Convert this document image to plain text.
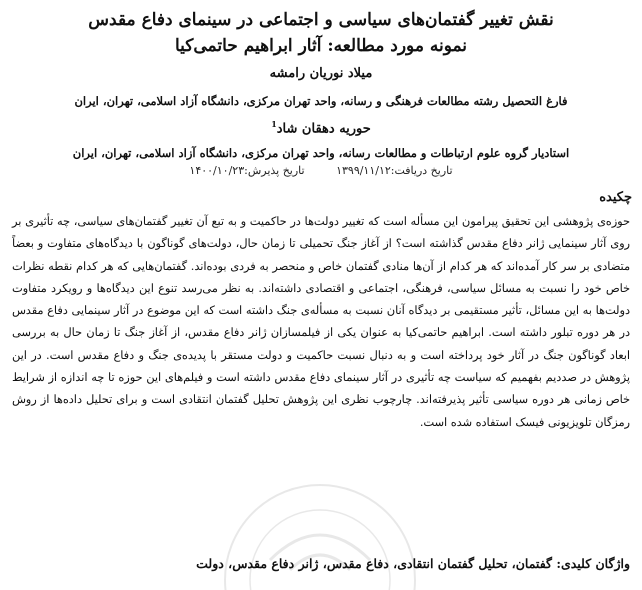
نقش تغییر گفتمان‌های سیاسی و اجتماعی در سینمای دفاع مقدس
نمونه مورد مطالعه: آثار ابراهیم حاتمی‌کیا
میلاد نوریان رامشه
فارغ التحصیل رشته مطالعات فرهنگی و رسانه، واحد تهران مرکزی، دانشگاه آزاد اسلامی، تهران، ایران
حوریه دهقان شاد$^1$
استادیار گروه علوم ارتباطات و مطالعات رسانه، واحد تهران مرکزی، دانشگاه آزاد اسلامی، تهران، ایران
تاریخ دریافت:۱۳۹۹/۱۱/۱۲ تاریخ پذیرش:۱۴۰۰/۱۰/۲۳
چکیده
حوزه‌ی پژوهشی این تحقیق پیرامون این مسأله است که تغییر دولت‌ها در حاکمیت و به تبع آن تغییر گفتمان‌های سیاسی، چه تأثیری بر روی آثار سینمایی ژانر دفاع مقدس گذاشته است؟ از آغاز جنگ تحمیلی تا زمان حال، دولت‌های گوناگون با دیدگاه‌های متفاوت و بعضاً متضادی بر سر کار آمده‌اند که هر کدام از آن‌ها منادی گفتمان خاص و منحصر به فردی بوده‌اند. گفتمان‌هایی که هر کدام نقطه نظرات خاص خود را نسبت به مسائل سیاسی، فرهنگی، اجتماعی و اقتصادی داشته‌اند. به نظر می‌رسد تنوع این دیدگاه‌ها و رویکرد متفاوت دولت‌ها به این مسائل، تأثیر مستقیمی بر دیدگاه آنان نسبت به مسأله‌ی جنگ داشته است که این موضوع در آثار سینمایی دفاع مقدس در هر دوره تبلور داشته است. ابراهیم حاتمی‌کیا به عنوان یکی از فیلمسازان ژانر دفاع مقدس، از آغاز جنگ تا زمان حال به بررسی ابعاد گوناگون جنگ در آثار خود پرداخته است و به دنبال نسبت حاکمیت و دولت مستقر با پدیده‌ی جنگ و دفاع مقدس است. در این پژوهش در صددیم بفهمیم که سیاست چه تأثیری در آثار سینمای دفاع مقدس داشته است و فیلم‌های این حوزه تا چه اندازه از شرایط خاص زمانی هر دوره سیاسی تأثیر پذیرفته‌اند. چارچوب نظری این پژوهش تحلیل گفتمان انتقادی است و برای تحلیل داده‌ها از روش رمزگان تلویزیونی فیسک استفاده شده است.
واژگان کلیدی: گفتمان، تحلیل گفتمان انتقادی، دفاع مقدس، ژانر دفاع مقدس، دولت
